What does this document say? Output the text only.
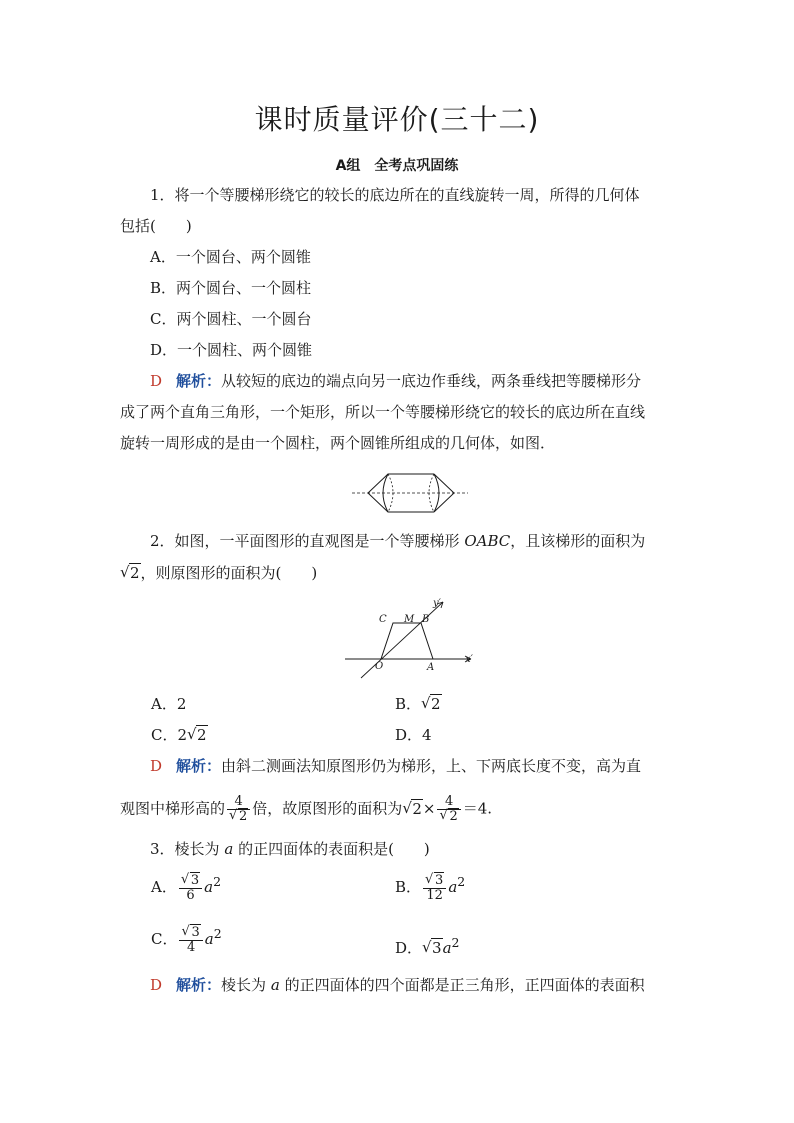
课时质量评价(三十二)
A组　全考点巩固练
1．将一个等腰梯形绕它的较长的底边所在的直线旋转一周，所得的几何体
包括(　　)
A．一个圆台、两个圆锥
B．两个圆台、一个圆柱
C．两个圆柱、一个圆台
D．一个圆柱、两个圆锥
D 解析：从较短的底边的端点向另一底边作垂线，两条垂线把等腰梯形分
成了两个直角三角形，一个矩形，所以一个等腰梯形绕它的较长的底边所在直线
旋转一周形成的是由一个圆柱，两个圆锥所组成的几何体，如图．
2．如图，一平面图形的直观图是一个等腰梯形 OABC，且该梯形的面积为
√ 2，则原图形的面积为(　　)
C M B
O	A
x′
y′
A．2	B． √ 2
C．2 √ 2	D．4
D 解析：由斜二测画法知原图形仍为梯形，上、下两底长度不变，高为直
观图中梯形高的 4
√ 2 倍，故原图形的面积为 √ 2× 4
√ 2 ＝4.
3．棱长为 a 的正四面体的表面积是(　　)
A． √ $\frac{3}{6} a^2$	B． √ $\frac{3}{12} a^2$
C． √ $\frac{3}{4} a^2$
D． √ $3a^2$
D 解析：棱长为 a 的正四面体的四个面都是正三角形，正四面体的表面积
